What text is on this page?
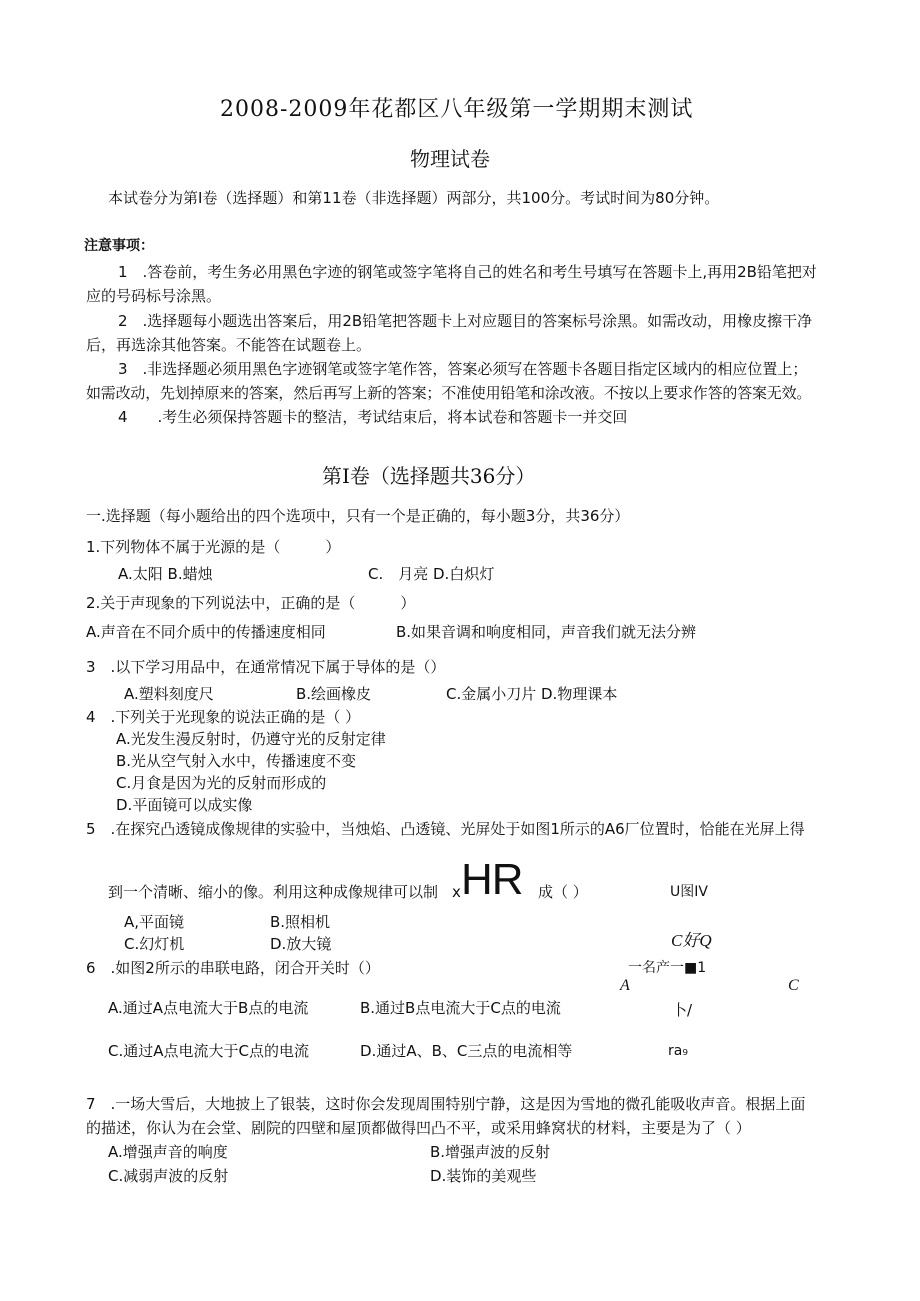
2008-2009年花都区八年级第一学期期末测试
物理试卷
本试卷分为第Ⅰ卷（选择题）和第11卷（非选择题）两部分，共100分。考试时间为80分钟。
注意事项：
1　.答卷前，考生务必用黑色字迹的钢笔或签字笔将自己的姓名和考生号填写在答题卡上,再用2B铅笔把对
应的号码标号涂黑。
2　.选择题每小题选出答案后，用2B铅笔把答题卡上对应题目的答案标号涂黑。如需改动，用橡皮擦干净
后，再选涂其他答案。不能答在试题卷上。
3　.非选择题必须用黑色字迹钢笔或签字笔作答，答案必须写在答题卡各题目指定区域内的相应位置上；
如需改动，先划掉原来的答案，然后再写上新的答案；不准使用铅笔和涂改液。不按以上要求作答的答案无效。
4　　.考生必须保持答题卡的整洁，考试结束后，将本试卷和答题卡一并交回
第Ⅰ卷（选择题共36分）
一.选择题（每小题给出的四个选项中，只有一个是正确的，每小题3分，共36分）
1.下列物体不属于光源的是（　　　）
A.太阳 B.蜡烛	C.　月亮 D.白炽灯
2.关于声现象的下列说法中，正确的是（　　　）
A.声音在不同介质中的传播速度相同	B.如果音调和响度相同，声音我们就无法分辨
3　.以下学习用品中，在通常情况下属于导体的是（）
A.塑料刻度尺	B.绘画橡皮	C.金属小刀片 D.物理课本
4　.下列关于光现象的说法正确的是（ ）
A.光发生漫反射时，仍遵守光的反射定律
B.光从空气射入水中，传播速度不变
C.月食是因为光的反射而形成的
D.平面镜可以成实像
5　.在探究凸透镜成像规律的实验中，当烛焰、凸透镜、光屏处于如图1所示的A6厂位置时，恰能在光屏上得
到一个清晰、缩小的像。利用这种成像规律可以制 x HR 成（ ）	U图IV
A,平面镜	B.照相机
C.幻灯机	D.放大镜	C好Q
6　.如图2所示的串联电路，闭合开关时（）	一名产一■1
A	C
A.通过A点电流大于B点的电流	B.通过B点电流大于C点的电流	卜/
C.通过A点电流大于C点的电流	D.通过A、B、C三点的电流相等	ra₉
7　.一场大雪后，大地披上了银装，这时你会发现周围特别宁静，这是因为雪地的微孔能吸收声音。根据上面
的描述，你认为在会堂、剧院的四壁和屋顶都做得凹凸不平，或采用蜂窝状的材料，主要是为了（ ）
A.增强声音的响度	B.增强声波的反射
C.减弱声波的反射	D.装饰的美观些
